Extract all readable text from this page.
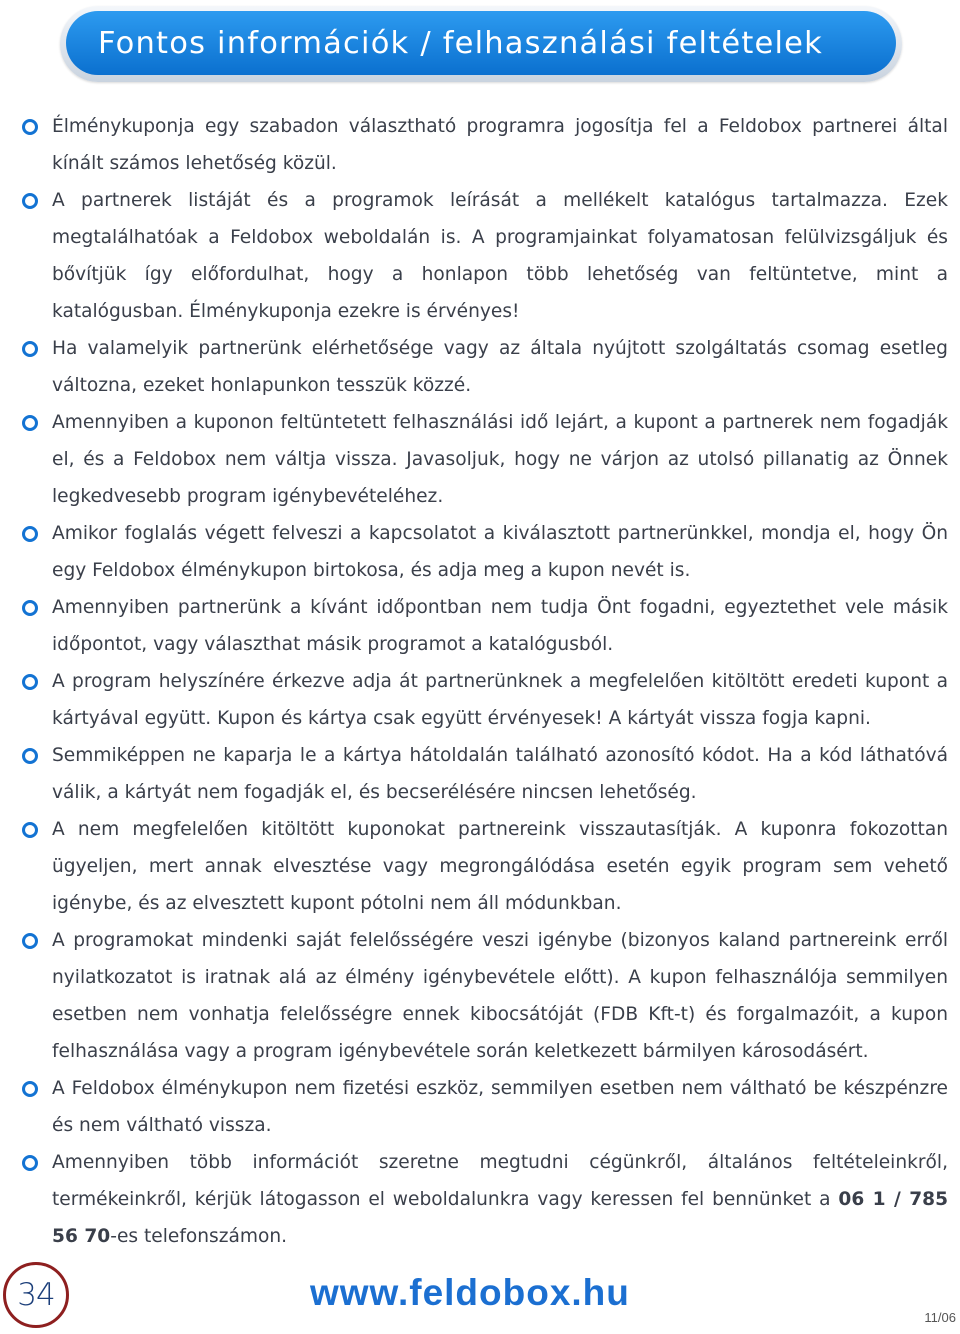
Fontos információk / felhasználási feltételek
Élménykuponja egy szabadon választható programra jogosítja fel a Feldobox partnerei által kínált számos lehetőség közül.
A partnerek listáját és a programok leírását a mellékelt katalógus tartalmazza. Ezek megtalálhatóak a Feldobox weboldalán is. A programjainkat folyamatosan felülvizsgáljuk és bővítjük így előfordulhat, hogy a honlapon több lehetőség van feltüntetve, mint a katalógusban. Élménykuponja ezekre is érvényes!
Ha valamelyik partnerünk elérhetősége vagy az általa nyújtott szolgáltatás csomag esetleg változna, ezeket honlapunkon tesszük közzé.
Amennyiben a kuponon feltüntetett felhasználási idő lejárt, a kupont a partnerek nem fogadják el, és a Feldobox nem váltja vissza. Javasoljuk, hogy ne várjon az utolsó pillanatig az Önnek legkedvesebb program igénybevételéhez.
Amikor foglalás végett felveszi a kapcsolatot a kiválasztott partnerünkkel, mondja el, hogy Ön egy Feldobox élménykupon birtokosa, és adja meg a kupon nevét is.
Amennyiben partnerünk a kívánt időpontban nem tudja Önt fogadni, egyeztethet vele másik időpontot, vagy választhat másik programot a katalógusból.
A program helyszínére érkezve adja át partnerünknek a megfelelően kitöltött eredeti kupont a kártyával együtt. Kupon és kártya csak együtt érvényesek! A kártyát vissza fogja kapni.
Semmiképpen ne kaparja le a kártya hátoldalán található azonosító kódot. Ha a kód láthatóvá válik, a kártyát nem fogadják el, és becserélésére nincsen lehetőség.
A nem megfelelően kitöltött kuponokat partnereink visszautasítják. A kuponra fokozottan ügyeljen, mert annak elvesztése vagy megrongálódása esetén egyik program sem vehető igénybe, és az elvesztett kupont pótolni nem áll módunkban.
A programokat mindenki saját felelősségére veszi igénybe (bizonyos kaland partnereink erről nyilatkozatot is iratnak alá az élmény igénybevétele előtt). A kupon felhasználója semmilyen esetben nem vonhatja felelősségre ennek kibocsátóját (FDB Kft-t) és forgalmazóit, a kupon felhasználása vagy a program igénybevétele során keletkezett bármilyen károsodásért.
A Feldobox élménykupon nem fizetési eszköz, semmilyen esetben nem váltható be készpénzre és nem váltható vissza.
Amennyiben több információt szeretne megtudni cégünkről, általános feltételeinkről, termékeinkről, kérjük látogasson el weboldalunkra vagy keressen fel bennünket a 06 1 / 785 56 70-es telefonszámon.
34	www.feldobox.hu
11/06
